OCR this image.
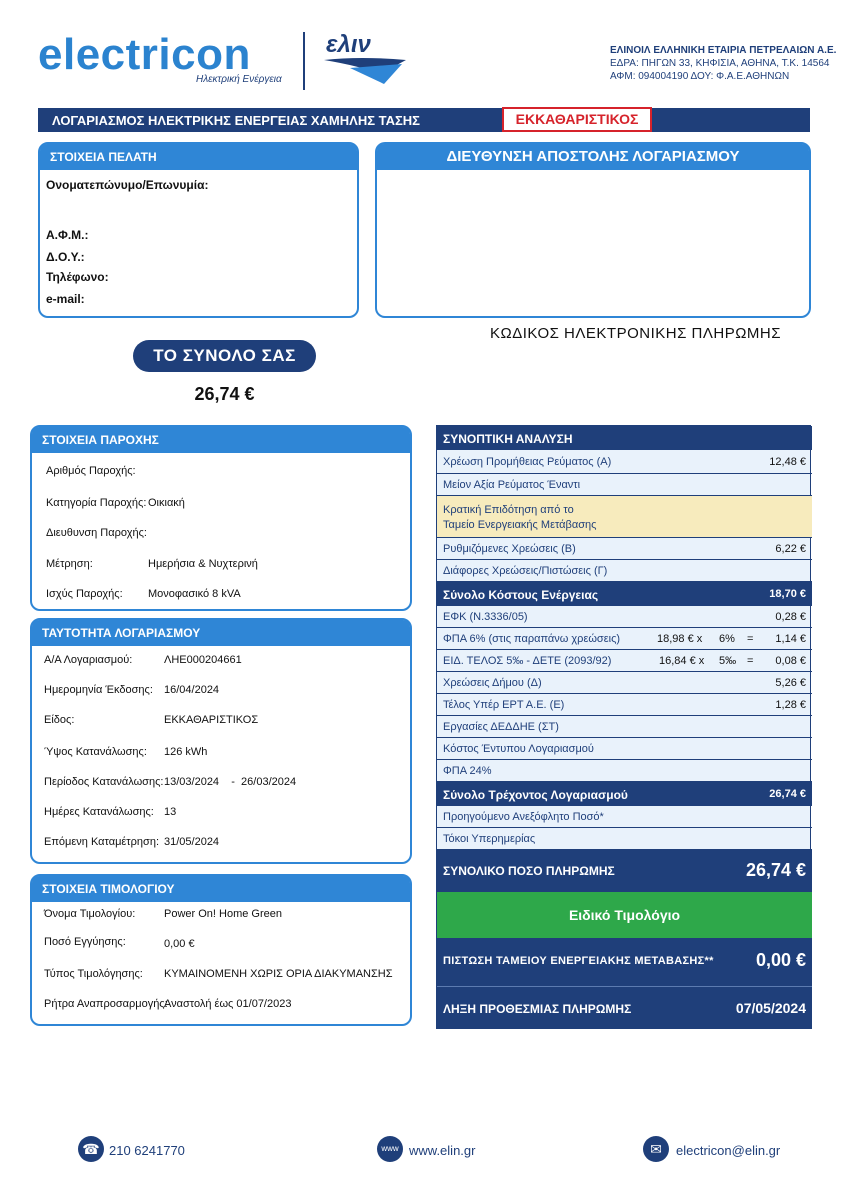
electricon
Ηλεκτρική Ενέργεια
ελιν	ΕΛΙΝΟΙΛ ΕΛΛΗΝΙΚΗ ΕΤΑΙΡΙΑ ΠΕΤΡΕΛΑΙΩΝ Α.Ε.
ΕΔΡΑ: ΠΗΓΩΝ 33, ΚΗΦΙΣΙΑ, ΑΘΗΝΑ, Τ.Κ. 14564
ΑΦΜ: 094004190 ΔΟΥ: Φ.Α.Ε.ΑΘΗΝΩΝ
ΛΟΓΑΡΙΑΣΜΟΣ ΗΛΕΚΤΡΙΚΗΣ ΕΝΕΡΓΕΙΑΣ ΧΑΜΗΛΗΣ ΤΑΣΗΣ	ΕΚΚΑΘΑΡΙΣΤΙΚΟΣ
ΣΤΟΙΧΕΙΑ ΠΕΛΑΤΗ
Ονοματεπώνυμο/Επωνυμία:
Α.Φ.Μ.:
Δ.Ο.Υ.:
Τηλέφωνο:
e-mail:
ΔΙΕΥΘΥΝΣΗ ΑΠΟΣΤΟΛΗΣ ΛΟΓΑΡΙΑΣΜΟΥ
ΤΟ ΣΥΝΟΛΟ ΣΑΣ
26,74 €
ΚΩΔΙΚΟΣ ΗΛΕΚΤΡΟΝΙΚΗΣ ΠΛΗΡΩΜΗΣ
ΣΤΟΙΧΕΙΑ ΠΑΡΟΧΗΣ
Αριθμός Παροχής:
Κατηγορία Παροχής: Οικιακή
Διευθυνση Παροχής:
Μέτρηση:	Ημερήσια & Νυχτερινή
Ισχύς Παροχής: Μονοφασικό 8 kVA
ΤΑΥΤΟΤΗΤΑ ΛΟΓΑΡΙΑΣΜΟΥ
Α/Α Λογαριασμού:	ΛΗΕ000204661
Ημερομηνία Έκδοσης: 16/04/2024
Είδος:	ΕΚΚΑΘΑΡΙΣΤΙΚΟΣ
Ύψος Κατανάλωσης: 126 kWh
Περίοδος Κατανάλωσης: 13/03/2024    -  26/03/2024
Ημέρες Κατανάλωσης: 13
Επόμενη Καταμέτρηση: 31/05/2024
ΣΤΟΙΧΕΙΑ ΤΙΜΟΛΟΓΙΟΥ
Όνομα Τιμολογίου:	Power On! Home Green
Ποσό Εγγύησης:	0,00 €
Τύπος Τιμολόγησης: ΚΥΜΑΙΝΟΜΕΝΗ ΧΩΡΙΣ ΟΡΙΑ ΔΙΑΚΥΜΑΝΣΗΣ
Ρήτρα Αναπροσαρμογής:
Αναστολή έως 01/07/2023
ΣΥΝΟΠΤΙΚΗ ΑΝΑΛΥΣΗ
Χρέωση Προμήθειας Ρεύματος (Α)	12,48 €
Μείον Αξία Ρεύματος Έναντι
Κρατική Επιδότηση από το
Ταμείο Ενεργειακής Μετάβασης
Ρυθμιζόμενες Χρεώσεις (Β)	6,22 €
Διάφορες Χρεώσεις/Πιστώσεις (Γ)
Σύνολο Κόστους Ενέργειας	18,70 €
ΕΦΚ (Ν.3336/05)	0,28 €
ΦΠΑ 6% (στις παραπάνω χρεώσεις)	18,98 € x 6% = 1,14 €
ΕΙΔ. ΤΕΛΟΣ 5‰ - ΔΕΤΕ (2093/92)	16,84 € x 5‰ = 0,08 €
Χρεώσεις Δήμου (Δ)	5,26 €
Τέλος Υπέρ ΕΡΤ Α.Ε. (Ε)	1,28 €
Εργασίες ΔΕΔΔΗΕ (ΣΤ)
Κόστος Έντυπου Λογαριασμού
ΦΠΑ 24%
Σύνολο Τρέχοντος Λογαριασμού	26,74 €
Προηγούμενο Ανεξόφλητο Ποσό*
Τόκοι Υπερημερίας
ΣΥΝΟΛΙΚΟ ΠΟΣΟ ΠΛΗΡΩΜΗΣ	26,74 €
Ειδικό Τιμολόγιο
ΠΙΣΤΩΣΗ ΤΑΜΕΙΟΥ ΕΝΕΡΓΕΙΑΚΗΣ ΜΕΤΑΒΑΣΗΣ** 0,00 €
ΛΗΞΗ ΠΡΟΘΕΣΜΙΑΣ ΠΛΗΡΩΜΗΣ	07/05/2024
☎ 210 6241770	www www.elin.gr	✉	electricon@elin.gr
